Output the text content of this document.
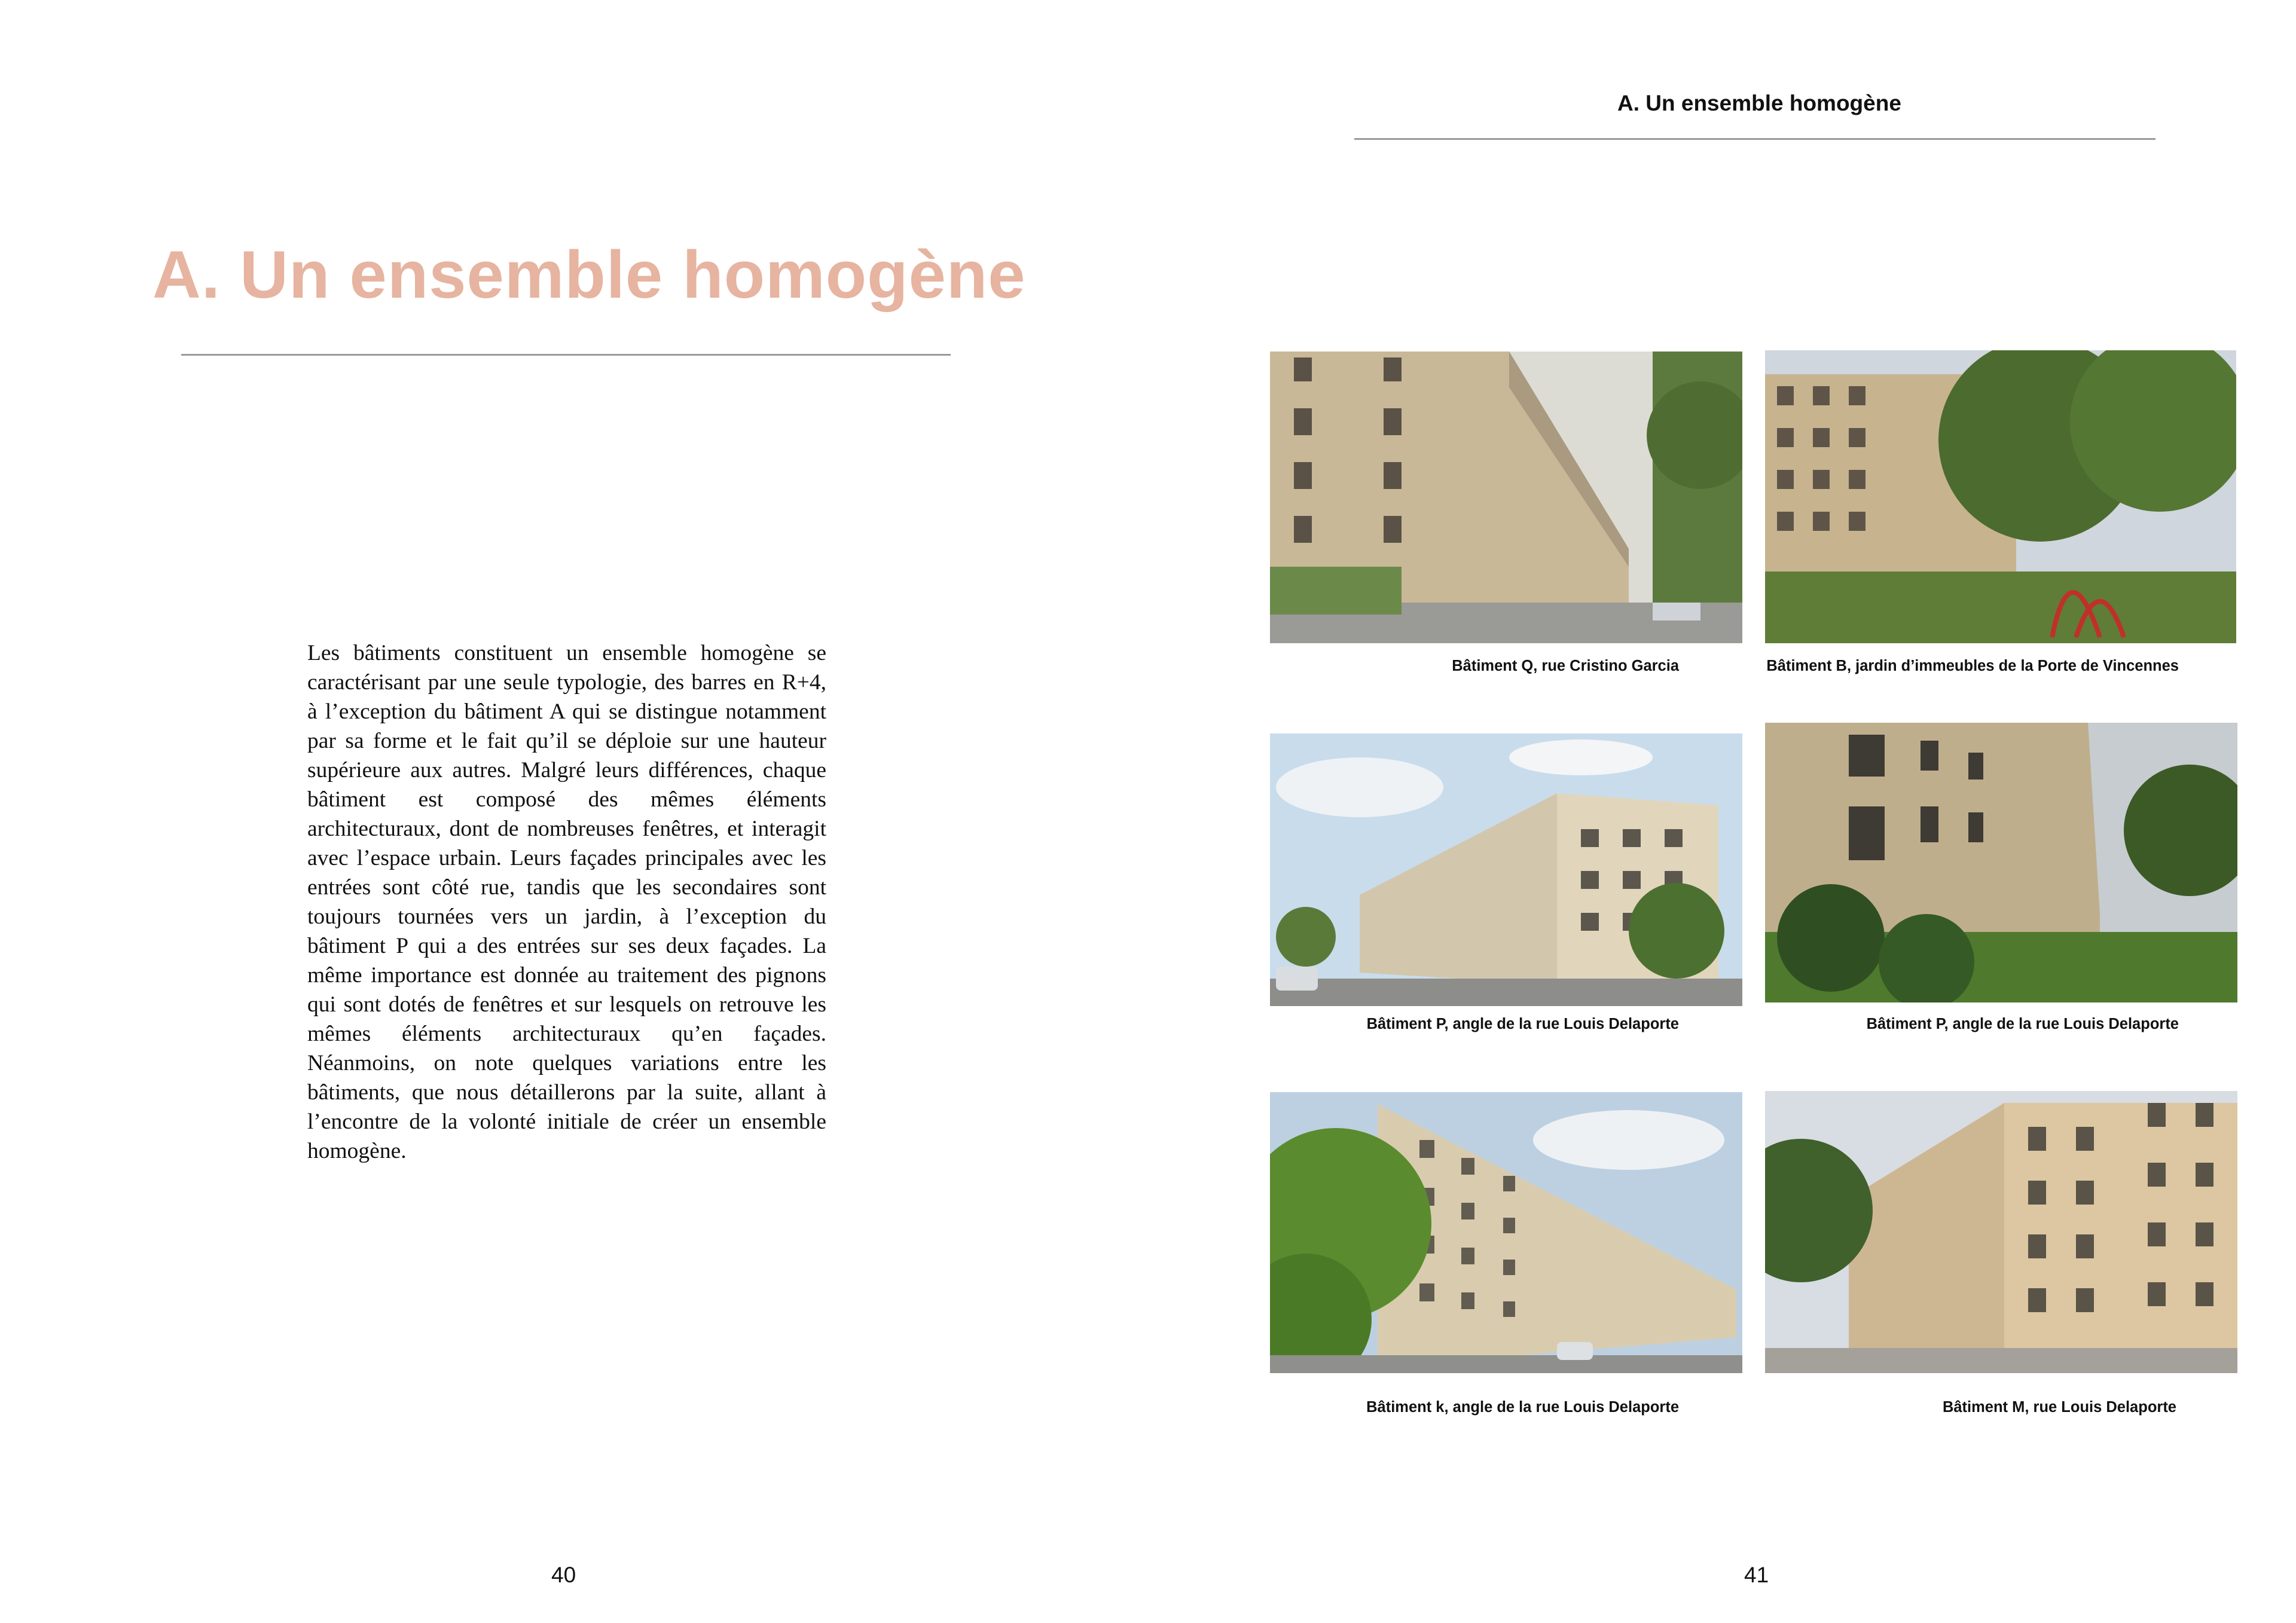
A. Un ensemble homogène

Les bâtiments constituent un ensemble homogène se caractérisant par une seule typologie, des barres en R+4, à l’exception du bâtiment A qui se distingue notamment par sa forme et le fait qu’il se déploie sur une hauteur supérieure aux autres. Malgré leurs différences, chaque bâtiment est composé des mêmes éléments architecturaux, dont de nombreuses fenêtres, et interagit avec l’espace urbain. Leurs façades principales avec les entrées sont côté rue, tandis que les secondaires sont toujours tournées vers un jardin, à l’exception du bâtiment P qui a des entrées sur ses deux façades. La même importance est donnée au traitement des pignons qui sont dotés de fenêtres et sur lesquels on retrouve les mêmes éléments architecturaux qu’en façades. Néanmoins, on note quelques variations entre les bâtiments, que nous détaillerons par la suite, allant à l’encontre de la volonté initiale de créer un ensemble homogène.

40
A. Un ensemble homogène
Bâtiment Q, rue Cristino Garcia	Bâtiment B, jardin d’immeubles de la Porte de Vincennes
Bâtiment P, angle de la rue Louis Delaporte	Bâtiment P, angle de la rue Louis Delaporte
Bâtiment k, angle de la rue Louis Delaporte	Bâtiment M, rue Louis Delaporte
41
